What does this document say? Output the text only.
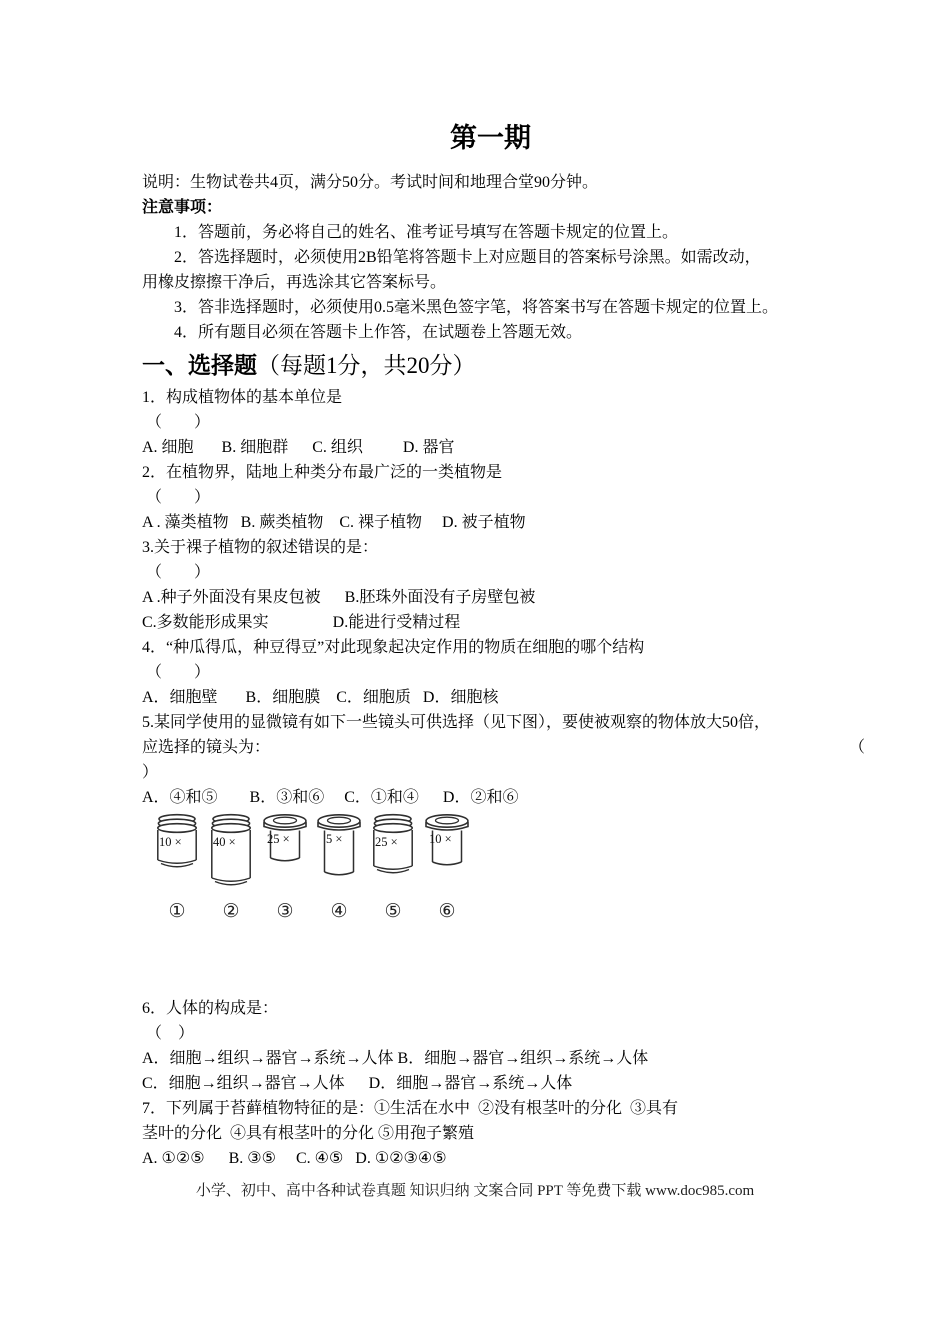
第一期
说明：生物试卷共4页，满分50分。考试时间和地理合堂90分钟。
注意事项：
1．答题前，务必将自己的姓名、准考证号填写在答题卡规定的位置上。
2．答选择题时，必须使用2B铅笔将答题卡上对应题目的答案标号涂黑。如需改动，
用橡皮擦擦干净后，再选涂其它答案标号。
3．答非选择题时，必须使用0.5毫米黑色签字笔，将答案书写在答题卡规定的位置上。
4．所有题目必须在答题卡上作答，在试题卷上答题无效。
一、选择题（每题1分，共20分）
1．构成植物体的基本单位是
（        ）
A. 细胞       B. 细胞群      C. 组织          D. 器官
2．在植物界，陆地上种类分布最广泛的一类植物是
（        ）
A . 藻类植物   B. 蕨类植物    C. 裸子植物     D. 被子植物
3.关于裸子植物的叙述错误的是：
（        ）
A .种子外面没有果皮包被      B.胚珠外面没有子房壁包被
C.多数能形成果实                D.能进行受精过程
4．“种瓜得瓜，种豆得豆”对此现象起决定作用的物质在细胞的哪个结构
（        ）
A．细胞壁       B．细胞膜    C．细胞质   D．细胞核
5.某同学使用的显微镜有如下一些镜头可供选择（见下图），要使被观察的物体放大50倍，
应选择的镜头为：	（
）
A．④和⑤        B．③和⑥     C．①和④      D．②和⑥
10 ×	40 ×	25 ×	5 ×	25 ×	10 ×
①	②	③	④	⑤	⑥
6．人体的构成是：
（    ）
A．细胞→组织→器官→系统→人体 B．细胞→器官→组织→系统→人体
C．细胞→组织→器官→人体      D．细胞→器官→系统→人体
7．下列属于苔藓植物特征的是：①生活在水中  ②没有根茎叶的分化  ③具有
茎叶的分化  ④具有根茎叶的分化 ⑤用孢子繁殖
A. ①②⑤      B. ③⑤     C. ④⑤   D. ①②③④⑤
小学、初中、高中各种试卷真题 知识归纳 文案合同 PPT 等免费下载 www.doc985.com
